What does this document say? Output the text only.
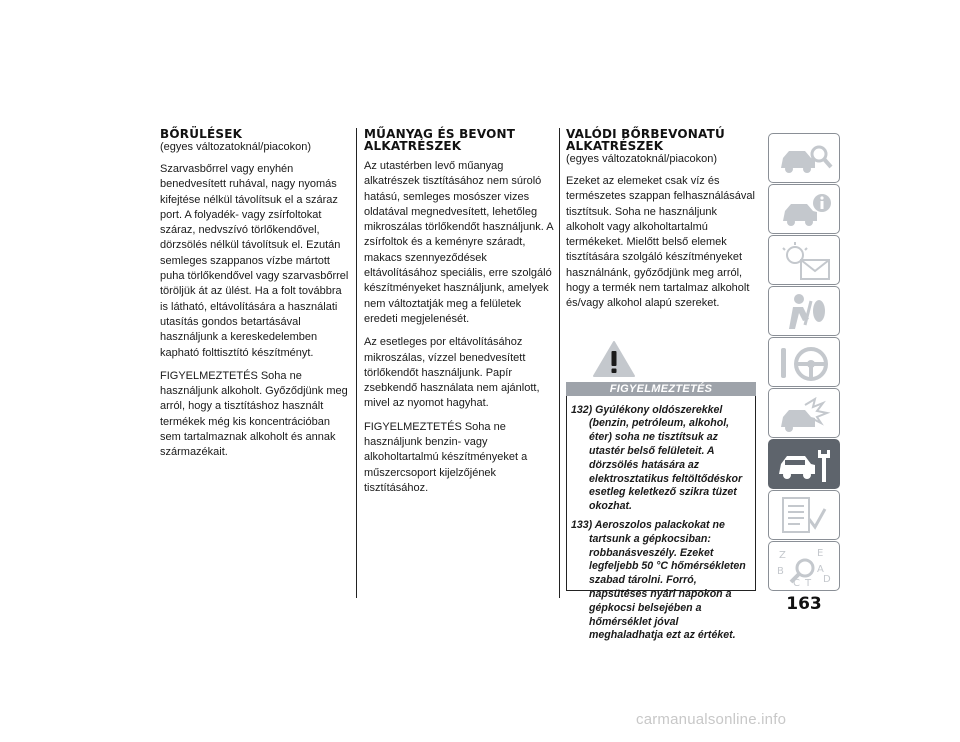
BŐRÜLÉSEK
(egyes változatoknál/piacokon)

Szarvasbőrrel vagy enyhén benedvesített ruhával, nagy nyomás kifejtése nélkül távolítsuk el a száraz port. A folyadék- vagy zsírfoltokat száraz, nedvszívó törlőkendővel, dörzsölés nélkül távolítsuk el. Ezután semleges szappanos vízbe mártott puha törlőkendővel vagy szarvasbőrrel töröljük át az ülést. Ha a folt továbbra is látható, eltávolítására a használati utasítás gondos betartásával használjunk a kereskedelemben kapható folttisztító készítményt.

FIGYELMEZTETÉS Soha ne használjunk alkoholt. Győződjünk meg arról, hogy a tisztításhoz használt termékek még kis koncentrációban sem tartalmaznak alkoholt és annak származékait.

MŰANYAG ÉS BEVONT
ALKATRÉSZEK

Az utastérben levő műanyag alkatrészek tisztításához nem súroló hatású, semleges mosószer vizes oldatával megnedvesített, lehetőleg mikroszálas törlőkendőt használjunk. A zsírfoltok és a keményre száradt, makacs szennyeződések eltávolításához speciális, erre szolgáló készítményeket használjunk, amelyek nem változtatják meg a felületek eredeti megjelenését.

Az esetleges por eltávolításához mikroszálas, vízzel benedvesített törlőkendőt használjunk. Papír zsebkendő használata nem ajánlott, mivel az nyomot hagyhat.

FIGYELMEZTETÉS Soha ne használjunk benzin- vagy alkoholtartalmú készítményeket a műszercsoport kijelzőjének tisztításához.

VALÓDI BŐRBEVONATÚ
ALKATRÉSZEK
(egyes változatoknál/piacokon)

Ezeket az elemeket csak víz és természetes szappan felhasználásával tisztítsuk. Soha ne használjunk alkoholt vagy alkoholtartalmú termékeket. Mielőtt belső elemek tisztítására szolgáló készítményeket használnánk, győződjünk meg arról, hogy a termék nem tartalmaz alkoholt és/vagy alkohol alapú szereket.

FIGYELMEZTETÉS
132) Gyúlékony oldószerekkel (benzin, petróleum, alkohol, éter) soha ne tisztítsuk az utastér belső felületeit. A dörzsölés hatására az elektrosztatikus feltöltődéskor esetleg keletkező szikra tüzet okozhat.
133) Aeroszolos palackokat ne tartsunk a gépkocsiban: robbanásveszély. Ezeket legfeljebb 50 °C hőmérsékleten szabad tárolni. Forró, napsütéses nyári napokon a gépkocsi belsejében a hőmérséklet jóval meghaladhatja ezt az értéket.
Z	E
B	A
C T D
163
carmanualsonline.info
